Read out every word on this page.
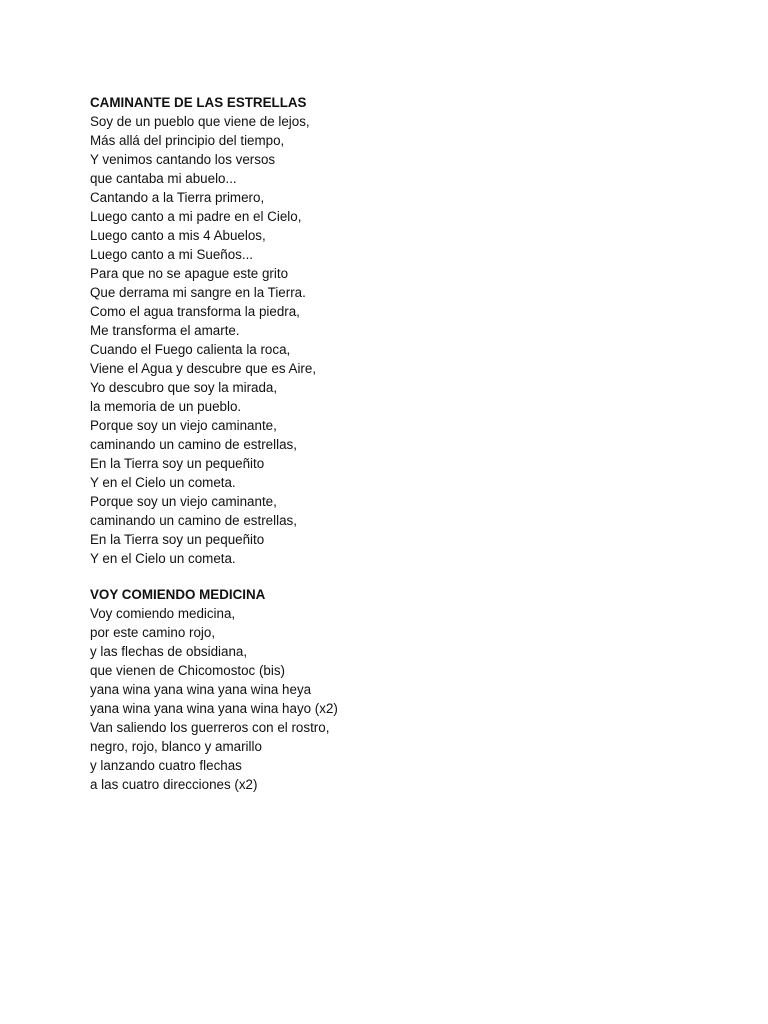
CAMINANTE DE LAS ESTRELLAS
Soy de un pueblo que viene de lejos,
Más allá del principio del tiempo,
Y venimos cantando los versos
que cantaba mi abuelo...
Cantando a la Tierra primero,
Luego canto a mi padre en el Cielo,
Luego canto a mis 4 Abuelos,
Luego canto a mi Sueños...
Para que no se apague este grito
Que derrama mi sangre en la Tierra.
Como el agua transforma la piedra,
Me transforma el amarte.
Cuando el Fuego calienta la roca,
Viene el Agua y descubre que es Aire,
Yo descubro que soy la mirada,
la memoria de un pueblo.
Porque soy un viejo caminante,
caminando un camino de estrellas,
En la Tierra soy un pequeñito
Y en el Cielo un cometa.
Porque soy un viejo caminante,
caminando un camino de estrellas,
En la Tierra soy un pequeñito
Y en el Cielo un cometa.
VOY COMIENDO MEDICINA
Voy comiendo medicina,
por este camino rojo,
y las flechas de obsidiana,
que vienen de Chicomostoc (bis)
yana wina yana wina yana wina heya
yana wina yana wina yana wina hayo (x2)
Van saliendo los guerreros con el rostro,
negro, rojo, blanco y amarillo
y lanzando cuatro flechas
a las cuatro direcciones (x2)
